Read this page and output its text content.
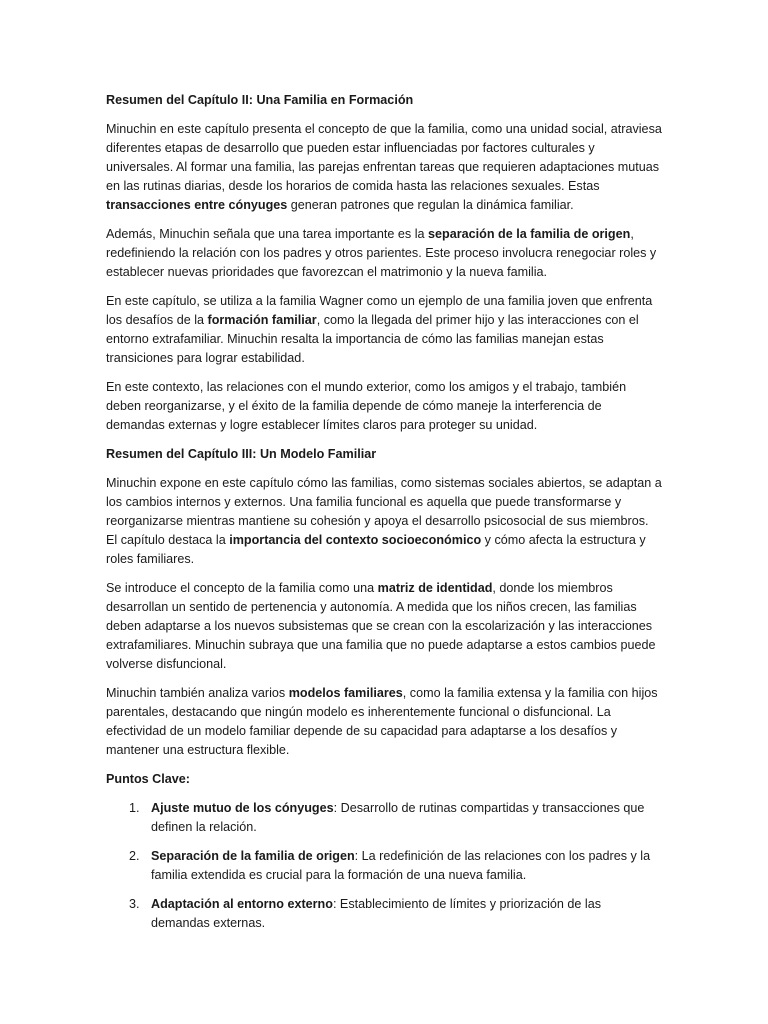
Resumen del Capítulo II: Una Familia en Formación

Minuchin en este capítulo presenta el concepto de que la familia, como una unidad social, atraviesa diferentes etapas de desarrollo que pueden estar influenciadas por factores culturales y universales. Al formar una familia, las parejas enfrentan tareas que requieren adaptaciones mutuas en las rutinas diarias, desde los horarios de comida hasta las relaciones sexuales. Estas transacciones entre cónyuges generan patrones que regulan la dinámica familiar.

Además, Minuchin señala que una tarea importante es la separación de la familia de origen, redefiniendo la relación con los padres y otros parientes. Este proceso involucra renegociar roles y establecer nuevas prioridades que favorezcan el matrimonio y la nueva familia.

En este capítulo, se utiliza a la familia Wagner como un ejemplo de una familia joven que enfrenta los desafíos de la formación familiar, como la llegada del primer hijo y las interacciones con el entorno extrafamiliar. Minuchin resalta la importancia de cómo las familias manejan estas transiciones para lograr estabilidad.

En este contexto, las relaciones con el mundo exterior, como los amigos y el trabajo, también deben reorganizarse, y el éxito de la familia depende de cómo maneje la interferencia de demandas externas y logre establecer límites claros para proteger su unidad.

Resumen del Capítulo III: Un Modelo Familiar

Minuchin expone en este capítulo cómo las familias, como sistemas sociales abiertos, se adaptan a los cambios internos y externos. Una familia funcional es aquella que puede transformarse y reorganizarse mientras mantiene su cohesión y apoya el desarrollo psicosocial de sus miembros. El capítulo destaca la importancia del contexto socioeconómico y cómo afecta la estructura y roles familiares.

Se introduce el concepto de la familia como una matriz de identidad, donde los miembros desarrollan un sentido de pertenencia y autonomía. A medida que los niños crecen, las familias deben adaptarse a los nuevos subsistemas que se crean con la escolarización y las interacciones extrafamiliares. Minuchin subraya que una familia que no puede adaptarse a estos cambios puede volverse disfuncional.

Minuchin también analiza varios modelos familiares, como la familia extensa y la familia con hijos parentales, destacando que ningún modelo es inherentemente funcional o disfuncional. La efectividad de un modelo familiar depende de su capacidad para adaptarse a los desafíos y mantener una estructura flexible.

Puntos Clave:
1. Ajuste mutuo de los cónyuges: Desarrollo de rutinas compartidas y transacciones que definen la relación.
2. Separación de la familia de origen: La redefinición de las relaciones con los padres y la familia extendida es crucial para la formación de una nueva familia.
3. Adaptación al entorno externo: Establecimiento de límites y priorización de las demandas externas.
